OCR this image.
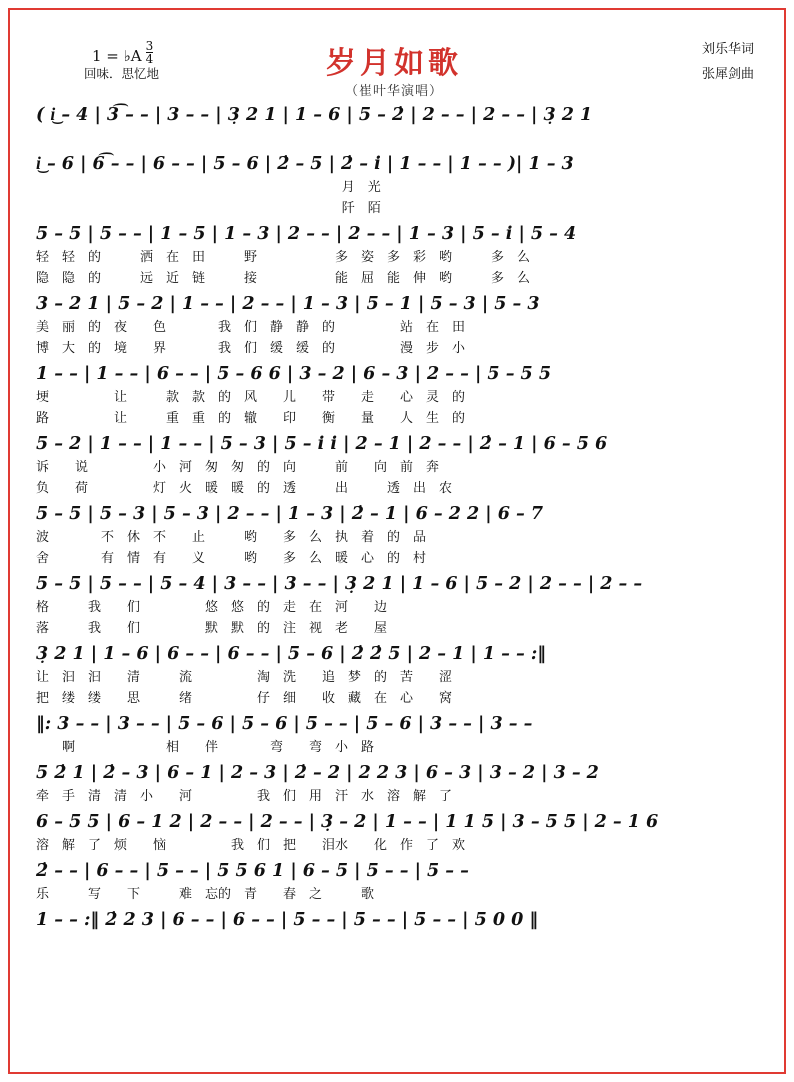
1 = ♭A $\frac{3}{4}$
回味．思忆地	岁月如歌
（崔叶华演唱）
刘乐华词
张犀剑曲
( i͜ – 4 | 3͡ – – | 3 – – | 3̣ 2 1 | 1 – 6 | 5 – 2̇ | 2 – – | 2 – – | 3̣ 2 1
i͜ – 6 | 6͡ – – | 6 – – | 5 – 6 | 2̇ – 5 | 2̇ – i | 1 – – | 1 – – )| 1 – 3
月　光
阡　陌
5 – 5 | 5 – – | 1 – 5 | 1 – 3 | 2 – – | 2 – – | 1 – 3 | 5 – i | 5 – 4
轻　轻　的　　　洒　在　田　　　野　　　　　　多　姿　多　彩　哟　　　多　么
隐　隐　的　　　远　近　链　　　接　　　　　　能　屈　能　伸　哟　　　多　么
3 – 2 1 | 5 – 2 | 1 – – | 2 – – | 1 – 3 | 5 – 1 | 5 – 3 | 5 – 3
美　丽　的　夜　　色　　　　我　们　静　静　的　　　　　站　在　田
博　大　的　境　　界　　　　我　们　缓　缓　的　　　　　漫　步　小
1 – – | 1 – – | 6 – – | 5 – 6 6 | 3 – 2 | 6 – 3 | 2 – – | 5 – 5 5
埂　　　　　让　　　款　款　的　风　　儿　　带　　走　　心　灵　的
路　　　　　让　　　重　重　的　辙　　印　　衡　　量　　人　生　的
5 – 2 | 1 – – | 1 – – | 5 – 3 | 5 – i i | 2 – 1 | 2 – – | 2̇ – 1 | 6 – 5 6
诉　　说　　　　　小　河　匆　匆　的　向　　　前　　向　前　奔
负　　荷　　　　　灯　火　暖　暖　的　透　　　出　　　透　出　农
5 – 5 | 5 – 3 | 5 – 3 | 2 – – | 1 – 3 | 2̇ – 1 | 6 – 2 2 | 6 – 7
波　　　　不　休　不　　止　　　哟　　多　么　执　着　的　品
舍　　　　有　情　有　　义　　　哟　　多　么　暖　心　的　村
5 – 5 | 5 – – | 5 – 4 | 3 – – | 3 – – | 3̣ 2 1 | 1 – 6 | 5 – 2 | 2 – – | 2 – –
格　　　我　　们　　　　　悠　悠　的　走　在　河　　边
落　　　我　　们　　　　　默　默　的　注　视　老　　屋
3̣ 2 1 | 1 – 6 | 6 – – | 6 – – | 5 – 6 | 2̇ 2̇ 5 | 2 – 1 | 1 – – :‖
让　汩　汩　　清　　　流　　　　　淘　洗　　追　梦　的　苦　　涩
把　缕　缕　　思　　　绪　　　　　仔　细　　收　藏　在　心　　窝
‖: 3 – – | 3 – – | 5 – 6 | 5 – 6 | 5 – – | 5 – 6 | 3 – – | 3 – –
　　啊　　　　　　　相　　伴　　　　弯　　弯　小　路
5 2̇ 1 | 2̇ – 3 | 6 – 1 | 2 – 3 | 2̇ – 2 | 2 2 3 | 6 – 3 | 3 – 2 | 3 – 2
牵　手　清　清　小　　河　　　　　我　们　用　汗　水　溶　解　了
6 – 5 5 | 6 – 1 2 | 2 – – | 2 – – | 3̣ – 2 | 1 – – | 1 1 5 | 3 – 5 5 | 2 – 1 6
溶　解　了　烦　　恼　　　　　我　们　把　　泪水　　化　作　了　欢
2̇ – – | 6 – – | 5 – – | 5 5 6 1 | 6 – 5 | 5 – – | 5 – –
乐　　　写　　下　　　难　忘的　青　　春　之　　　歌
1 – – :‖ 2̇ 2 3 | 6 – – | 6 – – | 5 – – | 5 – – | 5 – – | 5 0 0 ‖
